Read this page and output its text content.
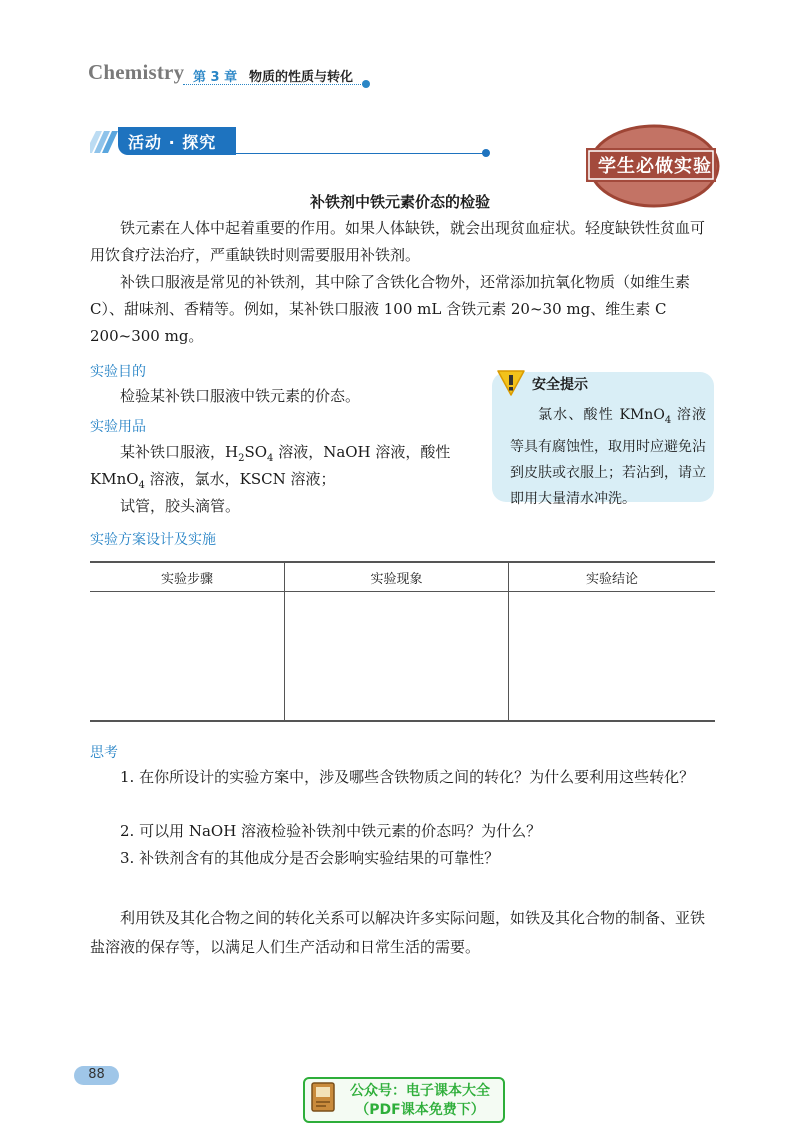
Chemistry 第 3 章 物质的性质与转化
活动 · 探究
学生必做实验
补铁剂中铁元素价态的检验

铁元素在人体中起着重要的作用。如果人体缺铁，就会出现贫血症状。轻度缺铁性贫血可用饮食疗法治疗，严重缺铁时则需要服用补铁剂。

补铁口服液是常见的补铁剂，其中除了含铁化合物外，还常添加抗氧化物质（如维生素 C）、甜味剂、香精等。例如，某补铁口服液 100 mL 含铁元素 20~30 mg、维生素 C 200~300 mg。

实验目的

检验某补铁口服液中铁元素的价态。

实验用品

某补铁口服液，$H_2SO_4$ 溶液，NaOH 溶液，酸性

KMnO$_4$ 溶液，氯水，KSCN 溶液；

试管，胶头滴管。

安全提示

氯水、酸性 KMnO$_4$ 溶液等具有腐蚀性，取用时应避免沾到皮肤或衣服上；若沾到，请立即用大量清水冲洗。

实验方案设计及实施
实验步骤	实验现象	实验结论

思考

1. 在你所设计的实验方案中，涉及哪些含铁物质之间的转化？为什么要利用这些转化？

2. 可以用 NaOH 溶液检验补铁剂中铁元素的价态吗？为什么？

3. 补铁剂含有的其他成分是否会影响实验结果的可靠性？

利用铁及其化合物之间的转化关系可以解决许多实际问题，如铁及其化合物的制备、亚铁盐溶液的保存等，以满足人们生产活动和日常生活的需要。

88
公众号：电子课本大全
（PDF课本免费下）
